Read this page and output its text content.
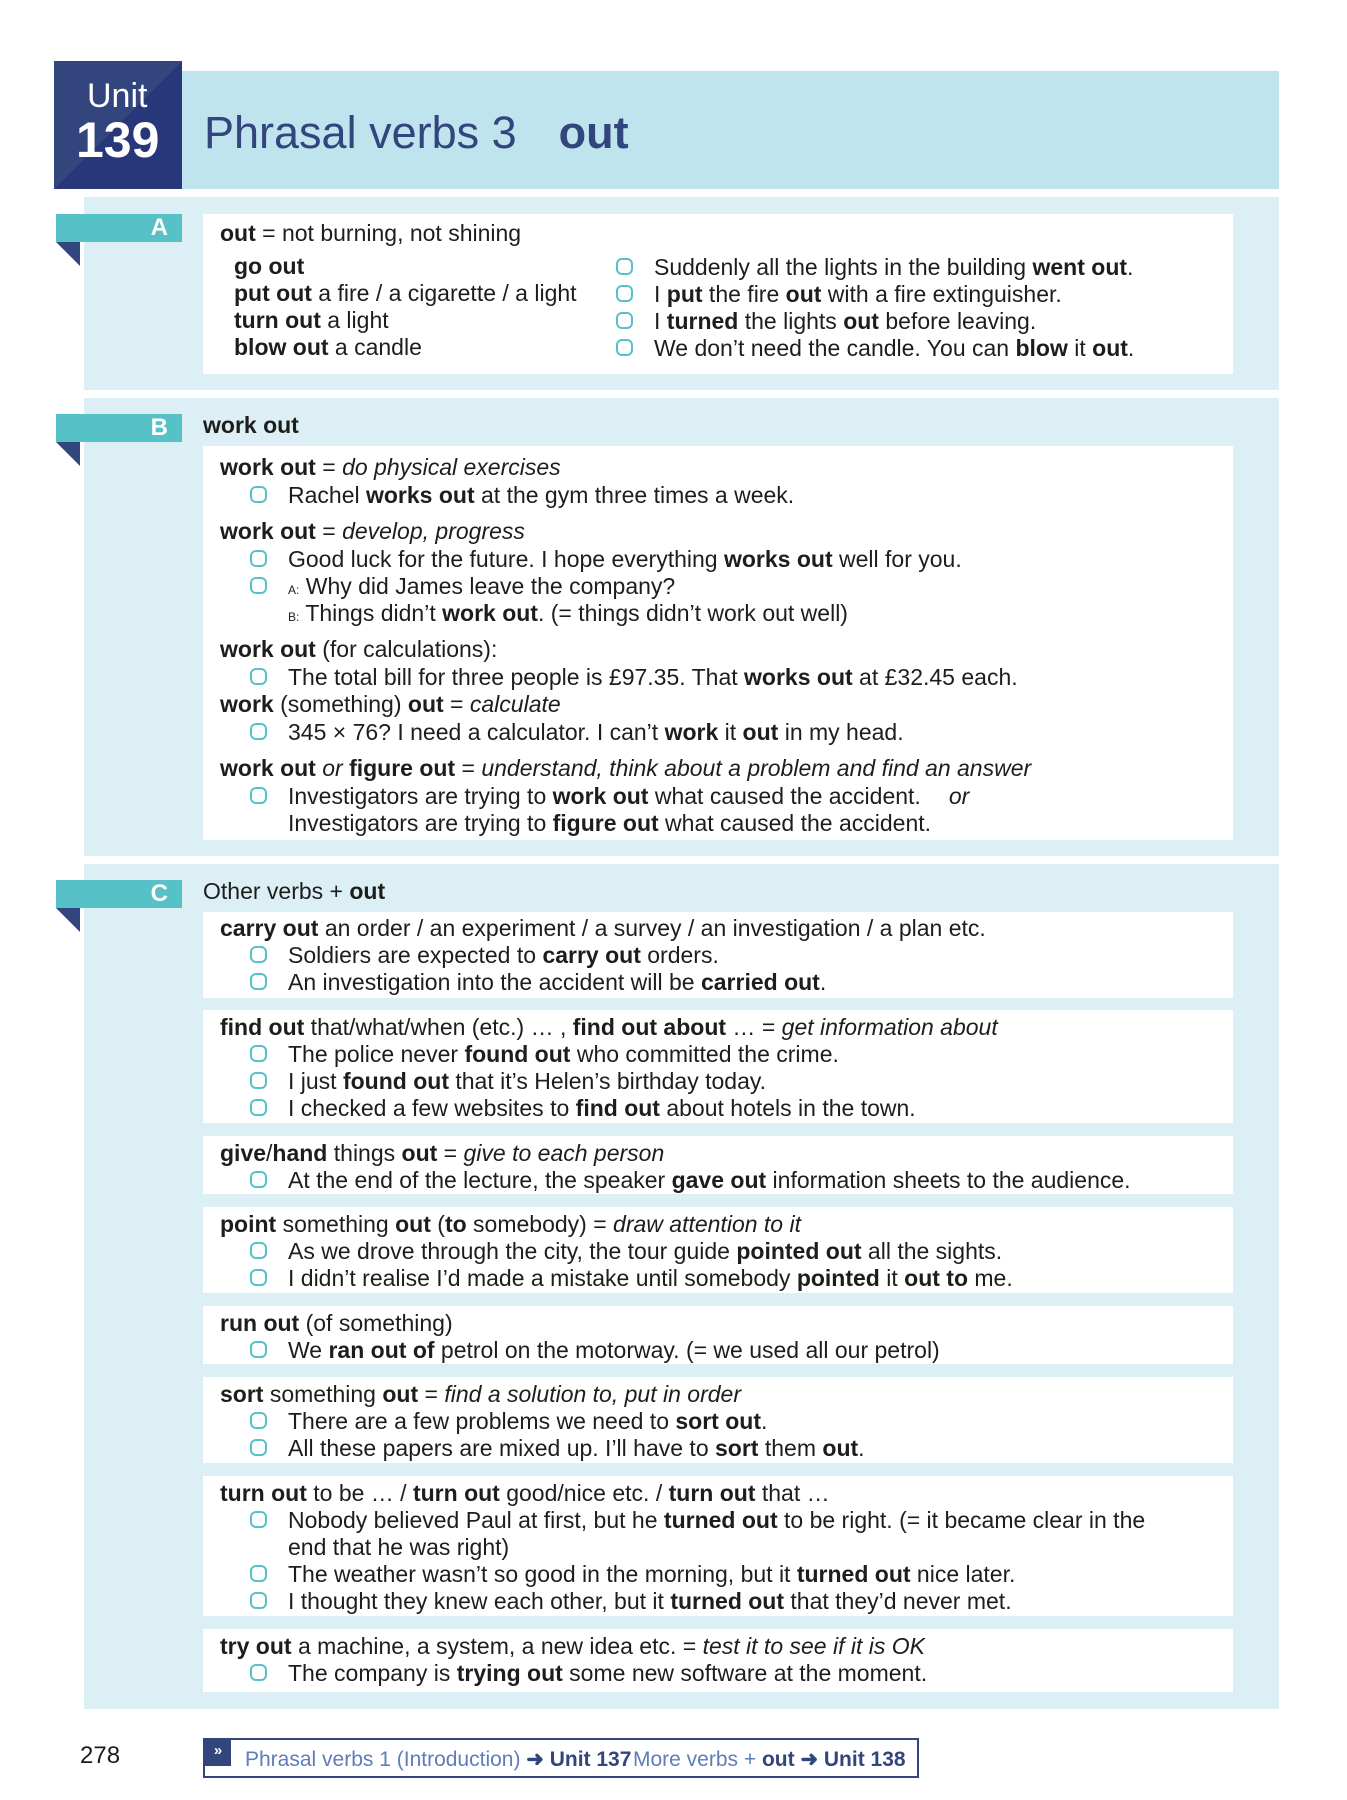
Unit
139 Phrasal verbs 3 out
A	out = not burning, not shining
go out
put out a fire / a cigarette / a light
turn out a light
blow out a candle
Suddenly all the lights in the building went out.
I put the fire out with a fire extinguisher.
I turned the lights out before leaving.
We don’t need the candle. You can blow it out.
B	work out
work out = do physical exercises
Rachel works out at the gym three times a week.
work out = develop, progress
Good luck for the future. I hope everything works out well for you.
A: Why did James leave the company?
B: Things didn’t work out. (= things didn’t work out well)
work out (for calculations):
The total bill for three people is £97.35. That works out at £32.45 each.
work (something) out = calculate
345 × 76? I need a calculator. I can’t work it out in my head.
work out or figure out = understand, think about a problem and find an answer
Investigators are trying to work out what caused the accident. or
Investigators are trying to figure out what caused the accident.
C	Other verbs + out
carry out an order / an experiment / a survey / an investigation / a plan etc.
Soldiers are expected to carry out orders.
An investigation into the accident will be carried out.
find out that/what/when (etc.) … , find out about … = get information about
The police never found out who committed the crime.
I just found out that it’s Helen’s birthday today.
I checked a few websites to find out about hotels in the town.
give/hand things out = give to each person
At the end of the lecture, the speaker gave out information sheets to the audience.
point something out (to somebody) = draw attention to it
As we drove through the city, the tour guide pointed out all the sights.
I didn’t realise I’d made a mistake until somebody pointed it out to me.
run out (of something)
We ran out of petrol on the motorway. (= we used all our petrol)
sort something out = find a solution to, put in order
There are a few problems we need to sort out.
All these papers are mixed up. I’ll have to sort them out.
turn out to be … / turn out good/nice etc. / turn out that …
Nobody believed Paul at first, but he turned out to be right. (= it became clear in the
end that he was right)
The weather wasn’t so good in the morning, but it turned out nice later.
I thought they knew each other, but it turned out that they’d never met.
try out a machine, a system, a new idea etc. = test it to see if it is OK
The company is trying out some new software at the moment.
278	»	Phrasal verbs 1 (Introduction) ➜ Unit 137 More verbs + out ➜ Unit 138
